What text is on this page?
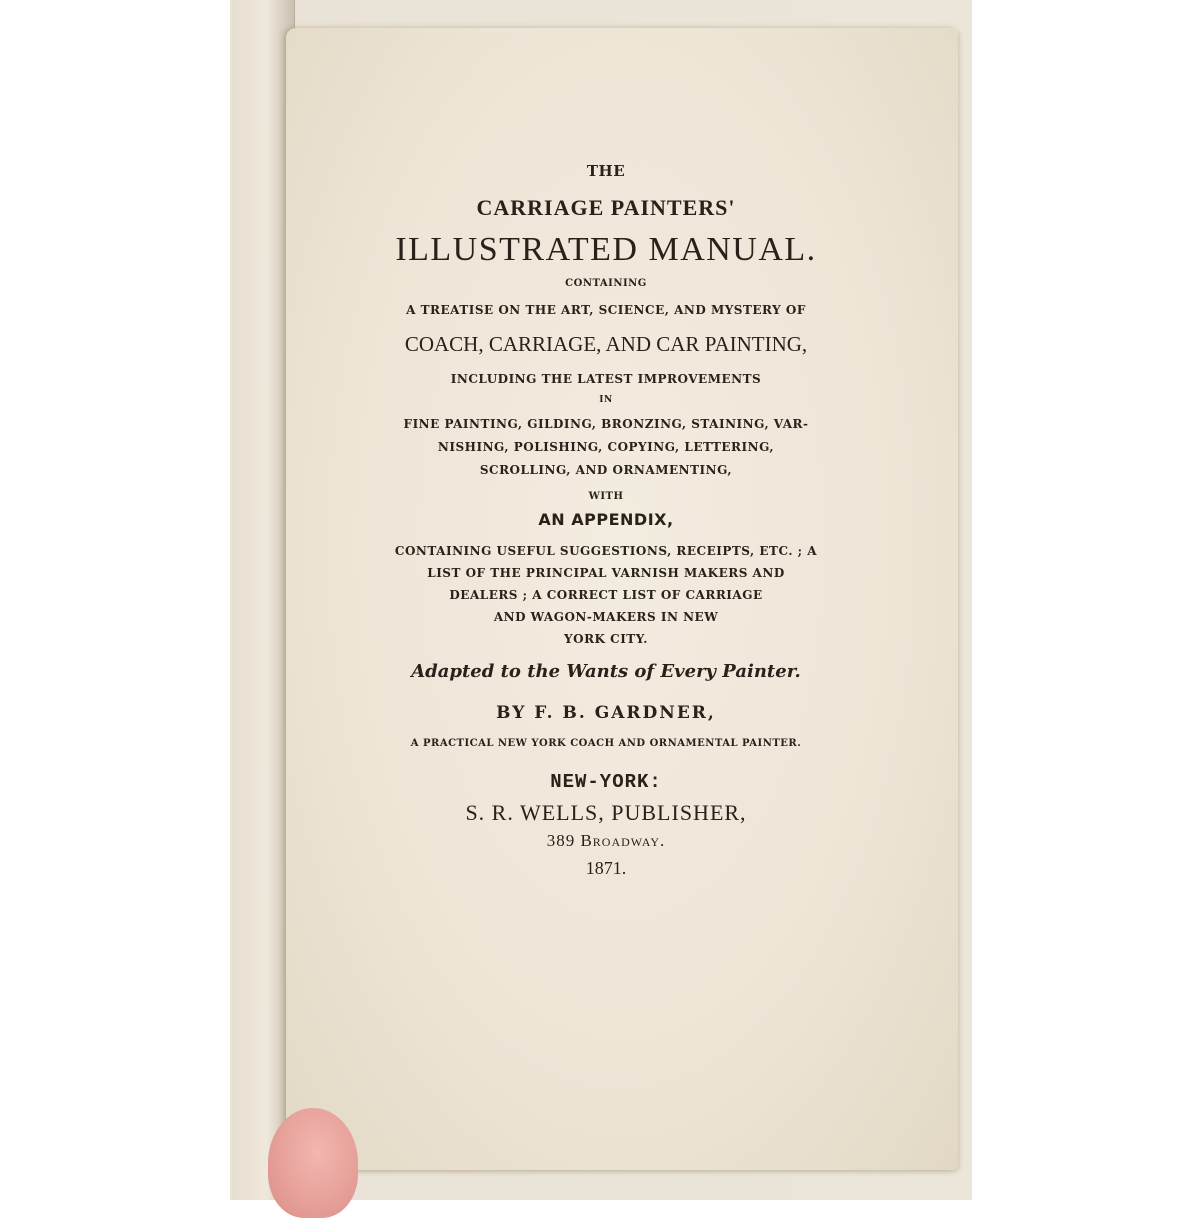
THE
CARRIAGE PAINTERS'
ILLUSTRATED MANUAL.
CONTAINING
A TREATISE ON THE ART, SCIENCE, AND MYSTERY OF
COACH, CARRIAGE, AND CAR PAINTING,
INCLUDING THE LATEST IMPROVEMENTS
IN
FINE PAINTING, GILDING, BRONZING, STAINING, VAR-
NISHING, POLISHING, COPYING, LETTERING,
SCROLLING, AND ORNAMENTING,
WITH
AN APPENDIX,
CONTAINING USEFUL SUGGESTIONS, RECEIPTS, ETC. ; A
LIST OF THE PRINCIPAL VARNISH MAKERS AND
DEALERS ; A CORRECT LIST OF CARRIAGE
AND WAGON-MAKERS IN NEW
YORK CITY.
Adapted to the Wants of Every Painter.
BY F. B. GARDNER,
A PRACTICAL NEW YORK COACH AND ORNAMENTAL PAINTER.
NEW-YORK:
S. R. WELLS, PUBLISHER,
389 Broadway.
1871.
